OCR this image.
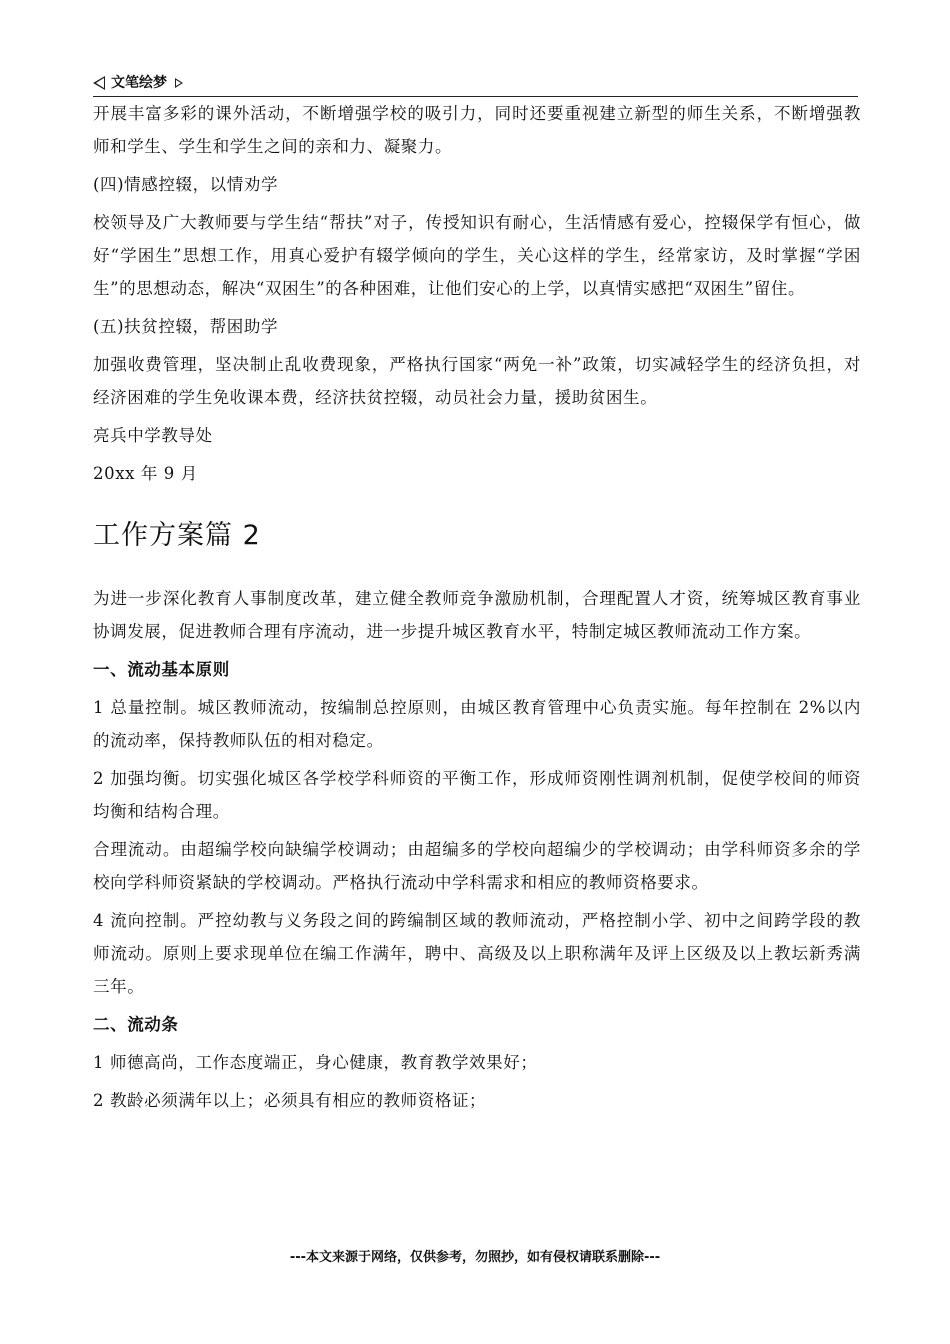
文笔绘梦
开展丰富多彩的课外活动，不断增强学校的吸引力，同时还要重视建立新型的师生关系，不断增强教师和学生、学生和学生之间的亲和力、凝聚力。
(四)情感控辍，以情劝学
校领导及广大教师要与学生结“帮扶”对子，传授知识有耐心，生活情感有爱心，控辍保学有恒心，做好“学困生”思想工作，用真心爱护有辍学倾向的学生，关心这样的学生，经常家访，及时掌握“学困生”的思想动态，解决“双困生”的各种困难，让他们安心的上学，以真情实感把“双困生”留住。
(五)扶贫控辍，帮困助学
加强收费管理，坚决制止乱收费现象，严格执行国家“两免一补”政策，切实减轻学生的经济负担，对经济困难的学生免收课本费，经济扶贫控辍，动员社会力量，援助贫困生。
亮兵中学教导处
20xx 年 9 月
工作方案篇 2
为进一步深化教育人事制度改革，建立健全教师竞争激励机制，合理配置人才资，统筹城区教育事业协调发展，促进教师合理有序流动，进一步提升城区教育水平，特制定城区教师流动工作方案。
一、流动基本原则
1 总量控制。城区教师流动，按编制总控原则，由城区教育管理中心负责实施。每年控制在 2%以内的流动率，保持教师队伍的相对稳定。
2 加强均衡。切实强化城区各学校学科师资的平衡工作，形成师资刚性调剂机制，促使学校间的师资均衡和结构合理。
合理流动。由超编学校向缺编学校调动；由超编多的学校向超编少的学校调动；由学科师资多余的学校向学科师资紧缺的学校调动。严格执行流动中学科需求和相应的教师资格要求。
4 流向控制。严控幼教与义务段之间的跨编制区域的教师流动，严格控制小学、初中之间跨学段的教师流动。原则上要求现单位在编工作满年，聘中、高级及以上职称满年及评上区级及以上教坛新秀满三年。
二、流动条
1 师德高尚，工作态度端正，身心健康，教育教学效果好；
2 教龄必须满年以上；必须具有相应的教师资格证；
---本文来源于网络，仅供参考，勿照抄，如有侵权请联系删除---
